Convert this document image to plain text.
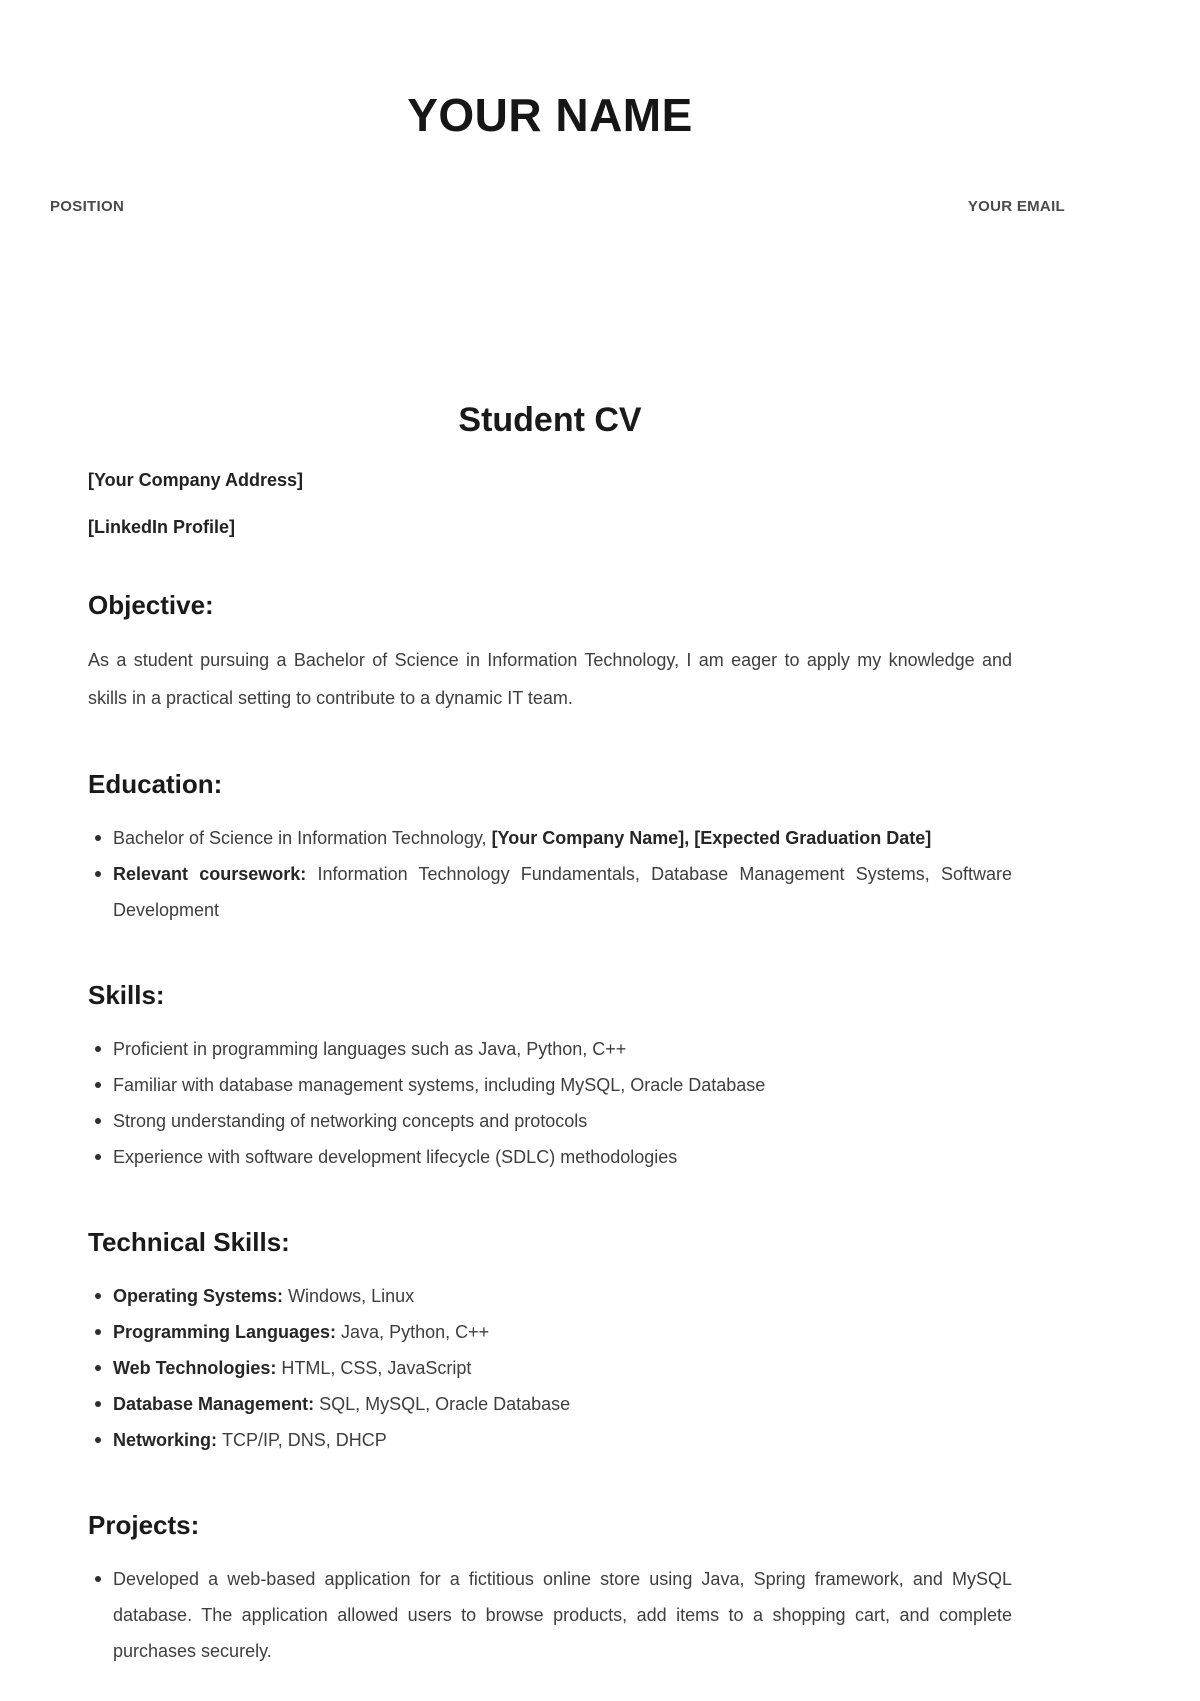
YOUR NAME
POSITION	YOUR EMAIL
Student CV

[Your Company Address]

[LinkedIn Profile]

Objective:

As a student pursuing a Bachelor of Science in Information Technology, I am eager to apply my knowledge and skills in a practical setting to contribute to a dynamic IT team.

Education:
Bachelor of Science in Information Technology, [Your Company Name], [Expected Graduation Date]
Relevant coursework: Information Technology Fundamentals, Database Management Systems, Software Development
Skills:
Proficient in programming languages such as Java, Python, C++
Familiar with database management systems, including MySQL, Oracle Database
Strong understanding of networking concepts and protocols
Experience with software development lifecycle (SDLC) methodologies
Technical Skills:
Operating Systems: Windows, Linux
Programming Languages: Java, Python, C++
Web Technologies: HTML, CSS, JavaScript
Database Management: SQL, MySQL, Oracle Database
Networking: TCP/IP, DNS, DHCP
Projects:
Developed a web-based application for a fictitious online store using Java, Spring framework, and MySQL database. The application allowed users to browse products, add items to a shopping cart, and complete purchases securely.
